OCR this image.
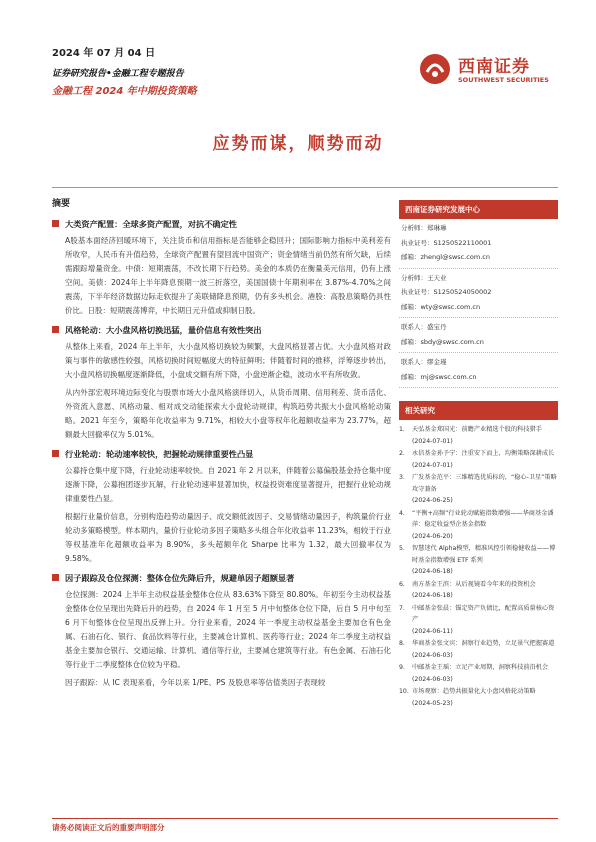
2024 年 07 月 04 日
证券研究报告•金融工程专题报告
金融工程 2024 年中期投资策略
西南证券
SOUTHWEST SECURITIES
应势而谋，顺势而动
摘要
大类资产配置：全球多资产配置，对抗不确定性
A股基本面经济回暖环境下，关注货币和信用指标是否能够企稳回升；国际影响力指标中美利差有所收窄，人民币有升值趋势，全球资产配置有望回流中国资产；资金情绪当前仍然有所欠缺，后续需跟踪增量资金。中债：短期震荡，不改长期下行趋势。美金的本质仍在衡量美元信用，仍有上涨空间。美债：2024年上半年降息预期一波三折落空，美国国债十年期利率在 3.87%-4.70%之间震荡，下半年经济数据边际走软提升了美联储降息预期，仍有多头机会。港股：高股息策略仍具性价比。日股：短期震荡博弈，中长期日元升值或抑制日股。
风格轮动：大小盘风格切换迅猛，量价信息有效性突出
从整体上来看，2024 年上半年，大小盘风格切换较为频繁，大盘风格显著占优。大小盘风格对政策与事件的敏感性较强，风格切换时间短幅度大的特征鲜明；伴随着时间的推移，浮筹逐步转出，大小盘风格切换幅度逐渐降低，小盘成交额有所下降，小盘逆渐企稳，波动水平有所收敛。
从内外部宏观环境边际变化与股票市场大小盘风格演绎切入，从货币周期、信用利差、货币活化、外资流入意愿、风格动量、相对成交动能探索大小盘轮动规律，构筑趋势共振大小盘风格轮动策略。2021 年至今，策略年化收益率为 9.71%，相较大小盘等权年化超额收益率为 23.77%，超额最大回撤率仅为 5.01%。
行业轮动：轮动速率较快，把握轮动规律重要性凸显
公募持仓集中度下降，行业轮动速率较快。自 2021 年 2 月以来，伴随着公募偏股基金持仓集中度逐渐下降，公募抱团逐步瓦解，行业轮动速率显著加快，权益投资难度显著提升，把握行业轮动规律重要性凸显。
根据行业量价信息，分别构造趋势动量因子、成交额低波因子、交易情绪动量因子，构筑量价行业轮动多策略模型。样本期内，量价行业轮动多因子策略多头组合年化收益率 11.23%，相较于行业等权基准年化超额收益率为 8.90%，多头超额年化 Sharpe 比率为 1.32，最大回撤率仅为 9.58%。
因子跟踪及仓位探测：整体仓位先降后升，规避单因子超额显著
仓位探测：2024 上半年主动权益基金整体仓位从 83.63%下降至 80.80%。年初至今主动权益基金整体仓位呈现出先降后升的趋势，自 2024 年 1 月至 5 月中旬整体仓位下降，后自 5 月中旬至 6 月下旬整体仓位呈现出反弹上升。分行业来看，2024 年一季度主动权益基金主要加仓有色金属、石油石化、银行、食品饮料等行业，主要减仓计算机、医药等行业；2024 年二季度主动权益基金主要加仓银行、交通运输、计算机、通信等行业，主要减仓建筑等行业。有色金属、石油石化等行业于二季度整体仓位较为平稳。
因子跟踪：从 IC 表现来看，今年以来 1/PE、PS 及股息率等估值类因子表现较
西南证券研究发展中心
分析师：郑琳琳
执业证号：S1250522110001
邮箱：zhengl@swsc.com.cn
分析师：王天业
执业证号：S1250524050002
邮箱：wty@swsc.com.cn
联系人：盛宝丹
邮箱：sbdy@swsc.com.cn
联系人：缪金瑾
邮箱：mj@swsc.com.cn
相关研究
1.	天弘基金郑国光：前瞻产业精选个股的科技猎手
(2024-07-01)
2.	永信基金孙予宁：注重安下而上，均衡策略深耕成长
(2024-07-01)
3.	广发基金范平：三维精选优质标的，“稳心-卫星”策略攻守兼备
(2024-06-25)
4.	“平衡+高频”行业轮动赋能指数增强——华商基金潘萍：稳定收益型企基金指数
(2024-06-20)
5.	智慧迷代 Alpha模型，精准风控引领稳健收益——博时基金指数增强 ETF 系列
(2024-06-18)
6.	南方基金王滨：从后视镜看今年来的投资机会
(2024-06-18)
7.	中邮基金张晨：锚定资产负债比，配置高质量核心资产
(2024-06-11)
8.	华商基金张文宾：洞察行业趋势，立足景气把握赛道
(2024-06-03)
9.	中邮基金王瑶：立足产业周期，洞察科技前沿机会
(2024-06-03)
10. 市场观察：趋势共振量化大小盘风格轮动策略
(2024-05-23)
请务必阅读正文后的重要声明部分
